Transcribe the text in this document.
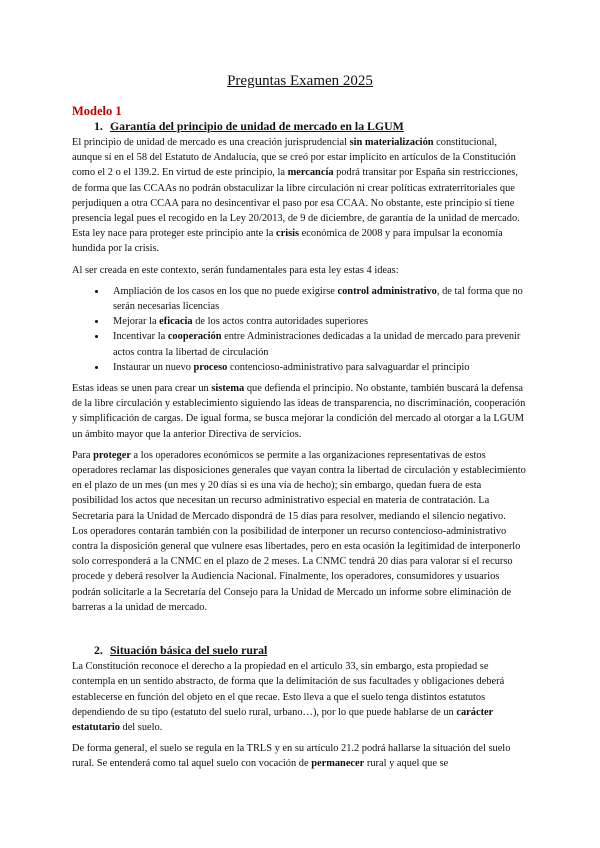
Preguntas Examen 2025
Modelo 1
1. Garantía del principio de unidad de mercado en la LGUM

El principio de unidad de mercado es una creación jurisprudencial sin materialización constitucional, aunque sí en el 58 del Estatuto de Andalucía, que se creó por estar implícito en artículos de la Constitución como el 2 o el 139.2. En virtud de este principio, la mercancía podrá transitar por España sin restricciones, de forma que las CCAAs no podrán obstaculizar la libre circulación ni crear políticas extraterritoriales que perjudiquen a otra CCAA para no desincentivar el paso por esa CCAA. No obstante, este principio sí tiene presencia legal pues el recogido en la Ley 20/2013, de 9 de diciembre, de garantía de la unidad de mercado. Esta ley nace para proteger este principio ante la crisis económica de 2008 y para impulsar la economía hundida por la crisis.

Al ser creada en este contexto, serán fundamentales para esta ley estas 4 ideas:

• Ampliación de los casos en los que no puede exigirse control administrativo, de tal forma que no serán necesarias licencias
• Mejorar la eficacia de los actos contra autoridades superiores
• Incentivar la cooperación entre Administraciones dedicadas a la unidad de mercado para prevenir actos contra la libertad de circulación
• Instaurar un nuevo proceso contencioso-administrativo para salvaguardar el principio

Estas ideas se unen para crear un sistema que defienda el principio. No obstante, también buscará la defensa de la libre circulación y establecimiento siguiendo las ideas de transparencia, no discriminación, cooperación y simplificación de cargas. De igual forma, se busca mejorar la condición del mercado al otorgar a la LGUM un ámbito mayor que la anterior Directiva de servicios.

Para proteger a los operadores económicos se permite a las organizaciones representativas de estos operadores reclamar las disposiciones generales que vayan contra la libertad de circulación y establecimiento en el plazo de un mes (un mes y 20 días si es una vía de hecho); sin embargo, quedan fuera de esta posibilidad los actos que necesitan un recurso administrativo especial en materia de contratación. La Secretaría para la Unidad de Mercado dispondrá de 15 días para resolver, mediando el silencio negativo.

Los operadores contarán también con la posibilidad de interponer un recurso contencioso-administrativo contra la disposición general que vulnere esas libertades, pero en esta ocasión la legitimidad de interponerlo solo corresponderá a la CNMC en el plazo de 2 meses. La CNMC tendrá 20 días para valorar si el recurso procede y deberá resolver la Audiencia Nacional. Finalmente, los operadores, consumidores y usuarios podrán solicitarle a la Secretaría del Consejo para la Unidad de Mercado un informe sobre eliminación de barreras a la unidad de mercado.

2. Situación básica del suelo rural

La Constitución reconoce el derecho a la propiedad en el artículo 33, sin embargo, esta propiedad se contempla en un sentido abstracto, de forma que la delimitación de sus facultades y obligaciones deberá establecerse en función del objeto en el que recae. Esto lleva a que el suelo tenga distintos estatutos dependiendo de su tipo (estatuto del suelo rural, urbano…), por lo que puede hablarse de un carácter estatutario del suelo.

De forma general, el suelo se regula en la TRLS y en su artículo 21.2 podrá hallarse la situación del suelo rural. Se entenderá como tal aquel suelo con vocación de permanecer rural y aquel que se
